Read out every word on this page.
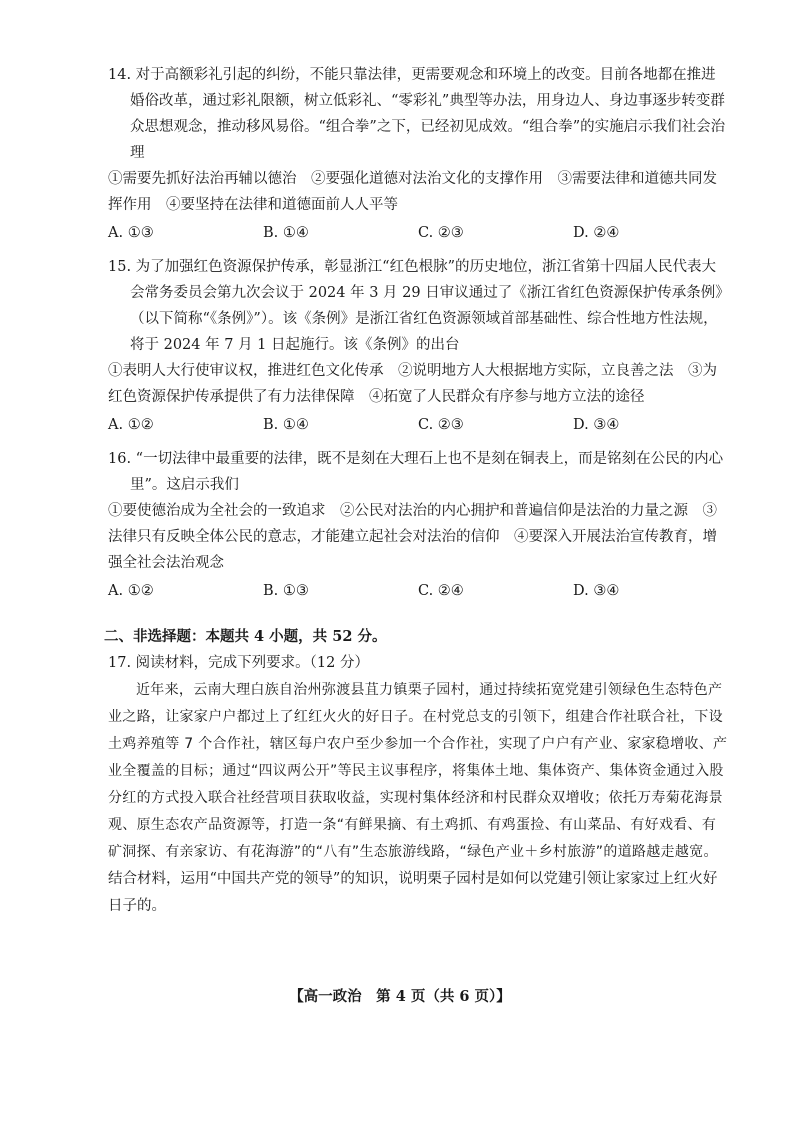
14. 对于高额彩礼引起的纠纷，不能只靠法律，更需要观念和环境上的改变。目前各地都在推进婚俗改革，通过彩礼限额，树立低彩礼、“零彩礼”典型等办法，用身边人、身边事逐步转变群众思想观念，推动移风易俗。“组合拳”之下，已经初见成效。“组合拳”的实施启示我们社会治理
①需要先抓好法治再辅以德治　②要强化道德对法治文化的支撑作用　③需要法律和道德共同发挥作用　④要坚持在法律和道德面前人人平等
A. ①③	B. ①④	C. ②③	D. ②④
15. 为了加强红色资源保护传承，彰显浙江“红色根脉”的历史地位，浙江省第十四届人民代表大会常务委员会第九次会议于 2024 年 3 月 29 日审议通过了《浙江省红色资源保护传承条例》（以下简称“《条例》”）。该《条例》是浙江省红色资源领域首部基础性、综合性地方性法规，将于 2024 年 7 月 1 日起施行。该《条例》的出台
①表明人大行使审议权，推进红色文化传承　②说明地方人大根据地方实际，立良善之法　③为红色资源保护传承提供了有力法律保障　④拓宽了人民群众有序参与地方立法的途径
A. ①②	B. ①④	C. ②③	D. ③④
16. “一切法律中最重要的法律，既不是刻在大理石上也不是刻在铜表上，而是铭刻在公民的内心里”。这启示我们
①要使德治成为全社会的一致追求　②公民对法治的内心拥护和普遍信仰是法治的力量之源　③法律只有反映全体公民的意志，才能建立起社会对法治的信仰　④要深入开展法治宣传教育，增强全社会法治观念
A. ①②	B. ①③	C. ②④	D. ③④
二、非选择题：本题共 4 小题，共 52 分。
17. 阅读材料，完成下列要求。（12 分）
近年来，云南大理白族自治州弥渡县苴力镇栗子园村，通过持续拓宽党建引领绿色生态特色产业之路，让家家户户都过上了红红火火的好日子。在村党总支的引领下，组建合作社联合社，下设土鸡养殖等 7 个合作社，辖区每户农户至少参加一个合作社，实现了户户有产业、家家稳增收、产业全覆盖的目标；通过“四议两公开”等民主议事程序，将集体土地、集体资产、集体资金通过入股分红的方式投入联合社经营项目获取收益，实现村集体经济和村民群众双增收；依托万寿菊花海景观、原生态农产品资源等，打造一条“有鲜果摘、有土鸡抓、有鸡蛋捡、有山菜品、有好戏看、有矿洞探、有亲家访、有花海游”的“八有”生态旅游线路，“绿色产业＋乡村旅游”的道路越走越宽。
结合材料，运用“中国共产党的领导”的知识，说明栗子园村是如何以党建引领让家家过上红火好日子的。
【高一政治　第 4 页（共 6 页）】
